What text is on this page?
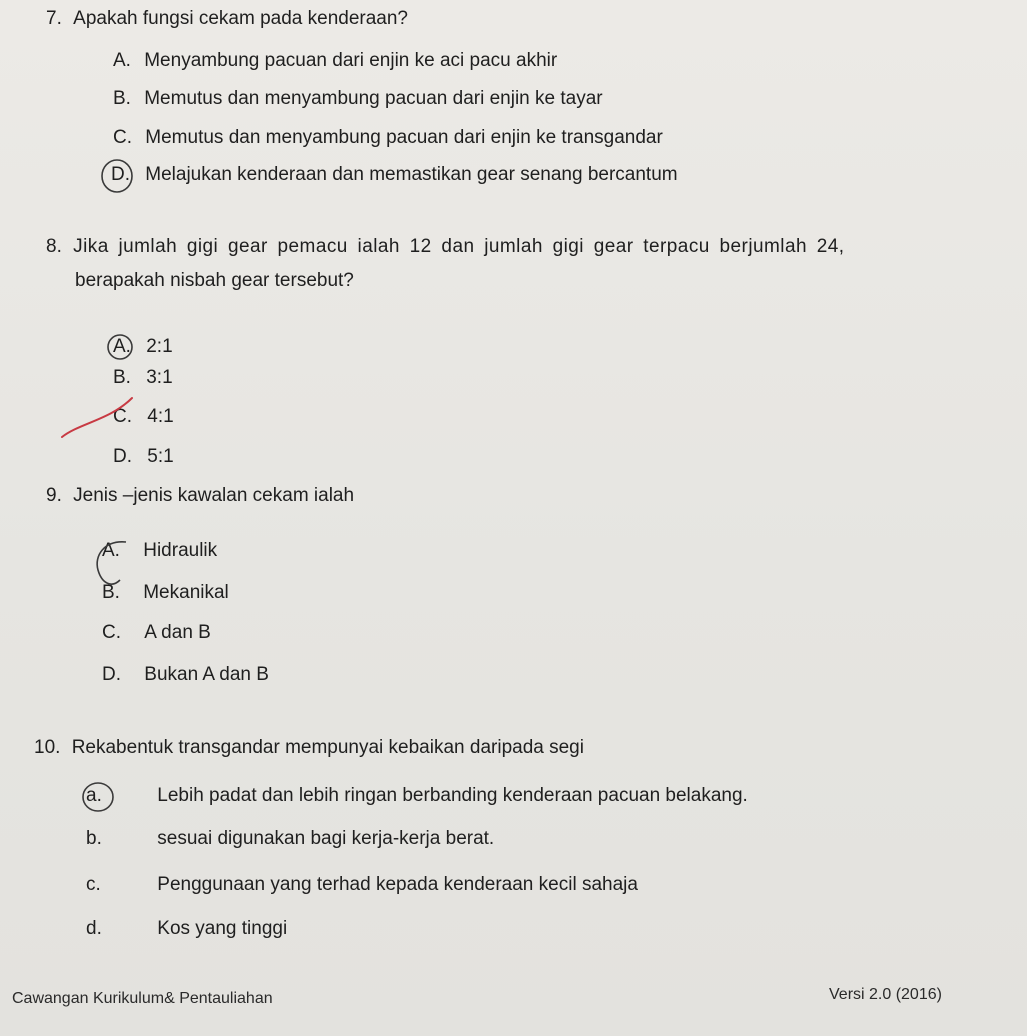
7. Apakah fungsi cekam pada kenderaan?
A. Menyambung pacuan dari enjin ke aci pacu akhir
B. Memutus dan menyambung pacuan dari enjin ke tayar
C. Memutus dan menyambung pacuan dari enjin ke transgandar
D. Melajukan kenderaan dan memastikan gear senang bercantum
8. Jika jumlah gigi gear pemacu ialah 12 dan jumlah gigi gear terpacu berjumlah 24,
berapakah nisbah gear tersebut?
A. 2:1
B. 3:1
C. 4:1
D. 5:1
9. Jenis –jenis kawalan cekam ialah
A. Hidraulik
B. Mekanikal
C. A dan B
D. Bukan A dan B
10. Rekabentuk transgandar mempunyai kebaikan daripada segi
a.	Lebih padat dan lebih ringan berbanding kenderaan pacuan belakang.
b.	sesuai digunakan bagi kerja-kerja berat.
c.	Penggunaan yang terhad kepada kenderaan kecil sahaja
d.	Kos yang tinggi
Cawangan Kurikulum& Pentauliahan	Versi 2.0 (2016)
